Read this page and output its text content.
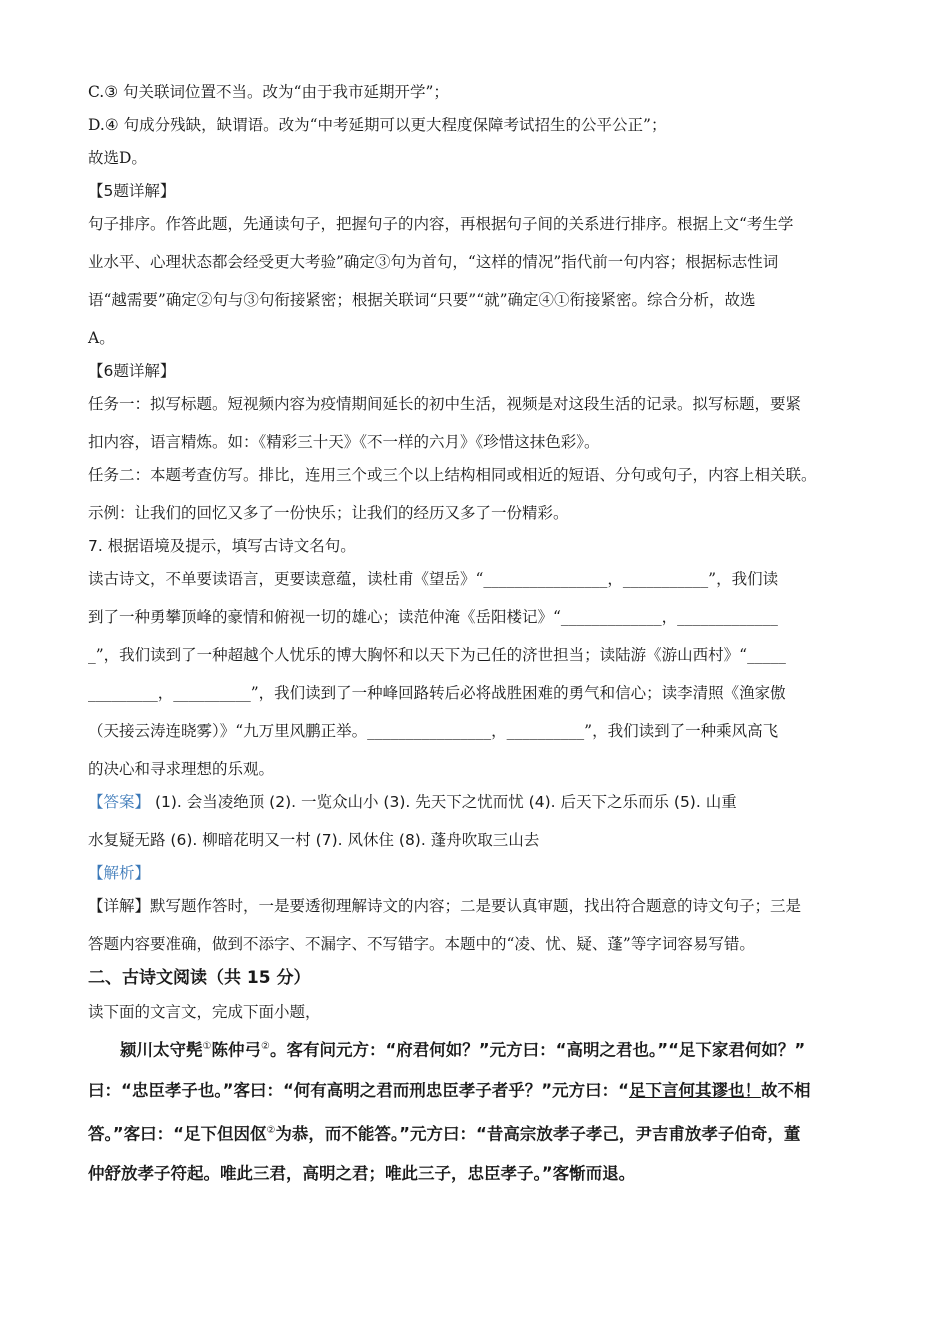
C.③ 句关联词位置不当。改为“由于我市延期开学”；
D.④ 句成分残缺，缺谓语。改为“中考延期可以更大程度保障考试招生的公平公正”；
故选D。
【5题详解】
句子排序。作答此题，先通读句子，把握句子的内容，再根据句子间的关系进行排序。根据上文“考生学
业水平、心理状态都会经受更大考验”确定③句为首句，“这样的情况”指代前一句内容；根据标志性词
语“越需要”确定②句与③句衔接紧密；根据关联词“只要”“就”确定④①衔接紧密。综合分析，故选
A。
【6题详解】
任务一：拟写标题。短视频内容为疫情期间延长的初中生活，视频是对这段生活的记录。拟写标题，要紧
扣内容，语言精炼。如：《精彩三十天》《不一样的六月》《珍惜这抹色彩》。
任务二：本题考查仿写。排比，连用三个或三个以上结构相同或相近的短语、分句或句子，内容上相关联。
示例：让我们的回忆又多了一份快乐；让我们的经历又多了一份精彩。
7. 根据语境及提示，填写古诗文名句。
读古诗文，不单要读语言，更要读意蕴，读杜甫《望岳》“________________，___________”，我们读
到了一种勇攀顶峰的豪情和俯视一切的雄心；读范仲淹《岳阳楼记》“_____________，_____________
_”，我们读到了一种超越个人忧乐的博大胸怀和以天下为己任的济世担当；读陆游《游山西村》“_____
_________，__________”，我们读到了一种峰回路转后必将战胜困难的勇气和信心；读李清照《渔家傲
（天接云涛连晓雾）》“九万里风鹏正举。________________，__________”，我们读到了一种乘风高飞
的决心和寻求理想的乐观。
【答案】 (1). 会当凌绝顶 (2). 一览众山小 (3). 先天下之忧而忧 (4). 后天下之乐而乐 (5). 山重
水复疑无路 (6). 柳暗花明又一村 (7). 风休住 (8). 蓬舟吹取三山去
【解析】
【详解】默写题作答时，一是要透彻理解诗文的内容；二是要认真审题，找出符合题意的诗文句子；三是
答题内容要准确，做到不添字、不漏字、不写错字。本题中的“凌、忧、疑、蓬”等字词容易写错。
二、古诗文阅读（共 15 分）
读下面的文言文，完成下面小题，
颍川太守髡①陈仲弓②。客有问元方：“府君何如？”元方曰：“高明之君也。”“足下家君何如？”
曰：“忠臣孝子也。”客曰：“何有高明之君而刑忠臣孝子者乎？”元方曰：“足下言何其谬也！故不相
答。”客曰：“足下但因伛②为恭，而不能答。”元方曰：“昔高宗放孝子孝己，尹吉甫放孝子伯奇，董
仲舒放孝子符起。唯此三君，高明之君；唯此三子，忠臣孝子。”客惭而退。
